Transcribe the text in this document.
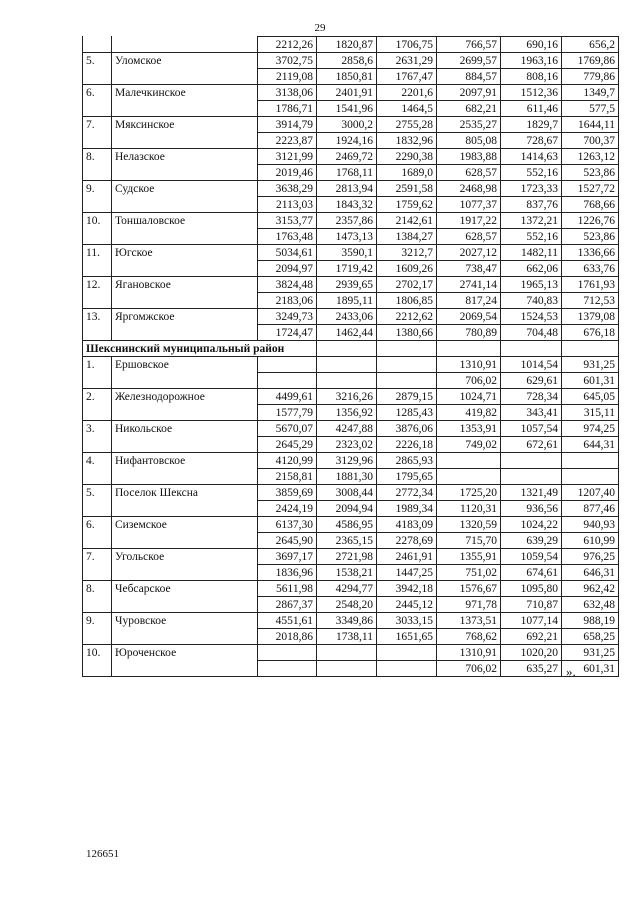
29
		2212,26	1820,87	1706,75	766,57	690,16	656,2
5.	Уломское	3702,75	2858,6	2631,29	2699,57	1963,16	1769,86
		2119,08	1850,81	1767,47	884,57	808,16	779,86
6.	Малечкинское	3138,06	2401,91	2201,6	2097,91	1512,36	1349,7
		1786,71	1541,96	1464,5	682,21	611,46	577,5
7.	Мяксинское	3914,79	3000,2	2755,28	2535,27	1829,7	1644,11
		2223,87	1924,16	1832,96	805,08	728,67	700,37
8.	Нелазское	3121,99	2469,72	2290,38	1983,88	1414,63	1263,12
		2019,46	1768,11	1689,0	628,57	552,16	523,86
9.	Судское	3638,29	2813,94	2591,58	2468,98	1723,33	1527,72
		2113,03	1843,32	1759,62	1077,37	837,76	768,66
10.	Тоншаловское	3153,77	2357,86	2142,61	1917,22	1372,21	1226,76
		1763,48	1473,13	1384,27	628,57	552,16	523,86
11.	Югское	5034,61	3590,1	3212,7	2027,12	1482,11	1336,66
		2094,97	1719,42	1609,26	738,47	662,06	633,76
12.	Ягановское	3824,48	2939,65	2702,17	2741,14	1965,13	1761,93
		2183,06	1895,11	1806,85	817,24	740,83	712,53
13.	Яргомжское	3249,73	2433,06	2212,62	2069,54	1524,53	1379,08
		1724,47	1462,44	1380,66	780,89	704,48	676,18
Шекснинский муниципальный район							
1.	Ершовское				1310,91	1014,54	931,25
					706,02	629,61	601,31
2.	Железнодорожное	4499,61	3216,26	2879,15	1024,71	728,34	645,05
		1577,79	1356,92	1285,43	419,82	343,41	315,11
3.	Никольское	5670,07	4247,88	3876,06	1353,91	1057,54	974,25
		2645,29	2323,02	2226,18	749,02	672,61	644,31
4.	Нифантовское	4120,99	3129,96	2865,93			
		2158,81	1881,30	1795,65			
5.	Поселок Шексна	3859,69	3008,44	2772,34	1725,20	1321,49	1207,40
		2424,19	2094,94	1989,34	1120,31	936,56	877,46
6.	Сиземское	6137,30	4586,95	4183,09	1320,59	1024,22	940,93
		2645,90	2365,15	2278,69	715,70	639,29	610,99
7.	Угольское	3697,17	2721,98	2461,91	1355,91	1059,54	976,25
		1836,96	1538,21	1447,25	751,02	674,61	646,31
8.	Чебсарское	5611,98	4294,77	3942,18	1576,67	1095,80	962,42
		2867,37	2548,20	2445,12	971,78	710,87	632,48
9.	Чуровское	4551,61	3349,86	3033,15	1373,51	1077,14	988,19
		2018,86	1738,11	1651,65	768,62	692,21	658,25
10.	Юроченское				1310,91	1020,20	931,25
					706,02	635,27	601,31
».
126651
